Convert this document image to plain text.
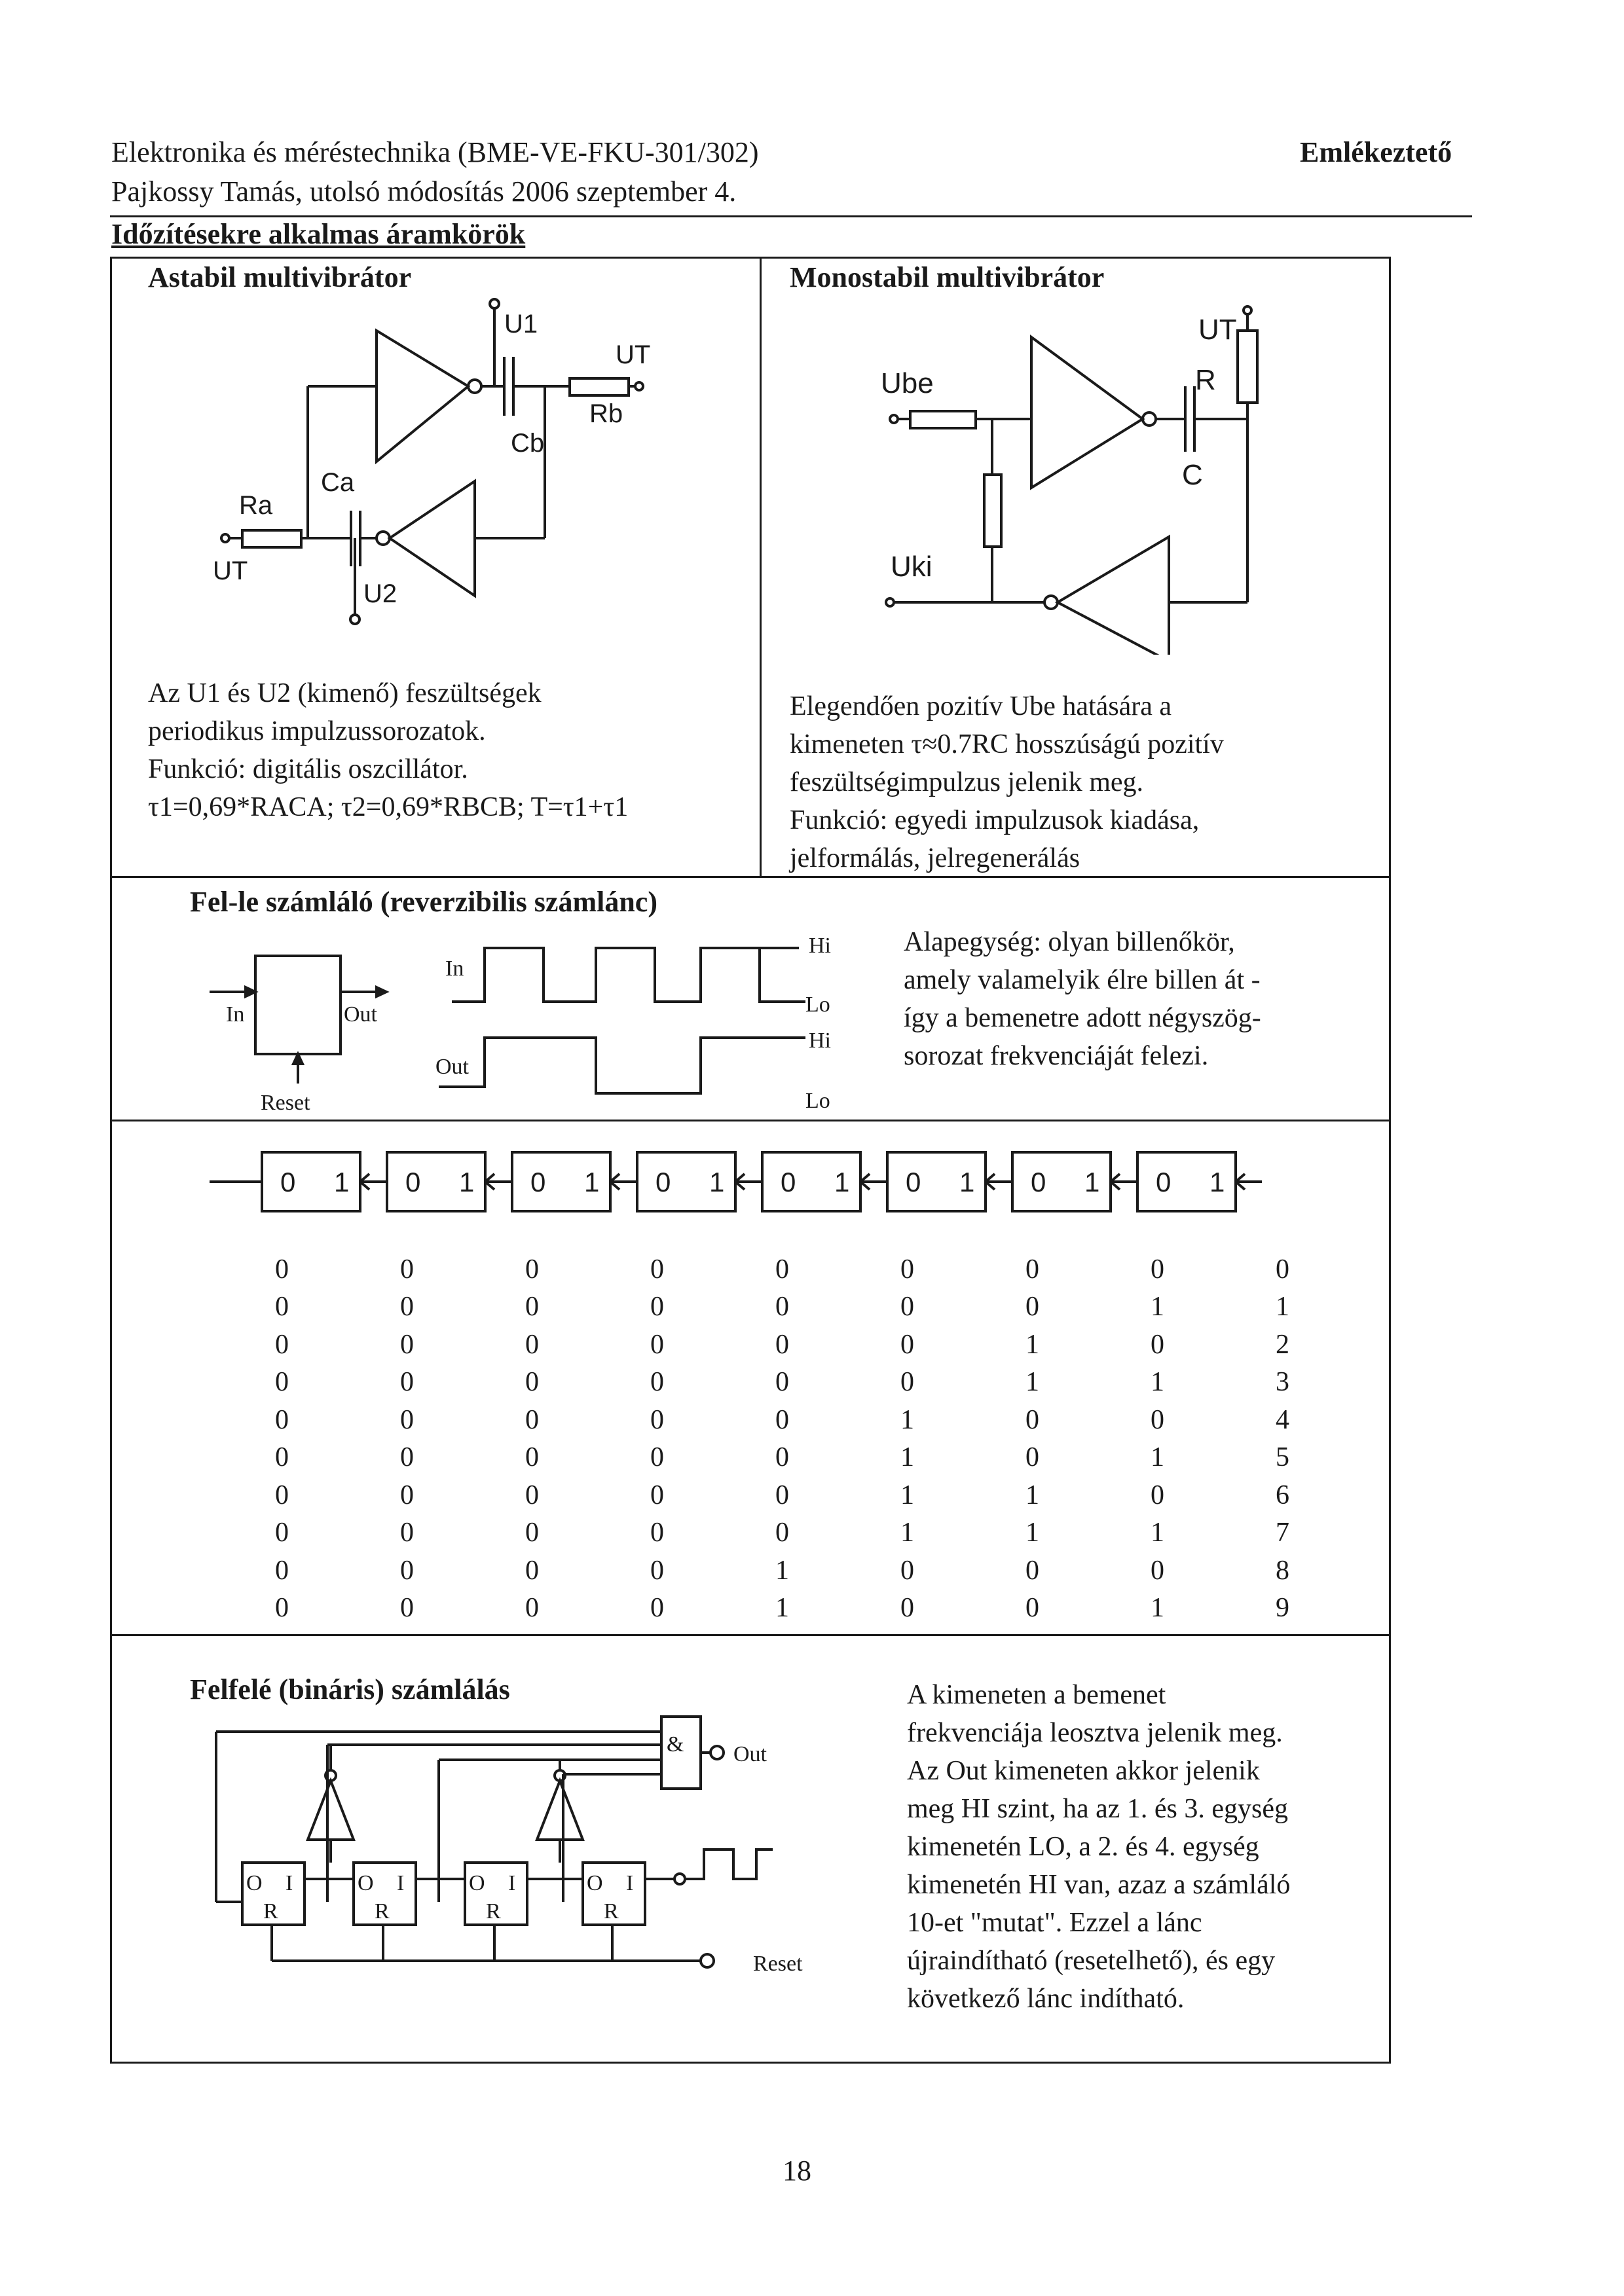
Elektronika és méréstechnika (BME-VE-FKU-301/302)
Pajkossy Tamás, utolsó módosítás 2006 szeptember 4.
Emlékeztető
Időzítésekre alkalmas áramkörök
Astabil multivibrátor
U1
UT
Rb
Cb
Ca
Ra
UT
U2

Az U1 és U2 (kimenő) feszültségek

periodikus impulzussorozatok.

Funkció: digitális oszcillátor.

τ1=0,69*RACA; τ2=0,69*RBCB; T=τ1+τ1

Monostabil multivibrátor
UT
R
C
Ube
Uki

Elegendően pozitív Ube hatására a

kimeneten τ≈0.7RC hosszúságú pozitív

feszültségimpulzus jelenik meg.

Funkció: egyedi impulzusok kiadása,

jelformálás, jelregenerálás

Fel-le számláló (reverzibilis számlánc)
In	Out
Reset
In
Out
Hi
Lo
Hi
Lo

Alapegység: olyan billenőkör,

amely valamelyik élre billen át -

így a bemenetre adott négyszög-

sorozat frekvenciáját felezi.

0 1 0 1 0 1 0 1 0 1 0 1 0 1 0 1
0	0	0	0	0	0	0	0	0
0	0	0	0	0	0	0	1	1
0	0	0	0	0	0	1	0	2
0	0	0	0	0	0	1	1	3
0	0	0	0	0	1	0	0	4
0	0	0	0	0	1	0	1	5
0	0	0	0	0	1	1	0	6
0	0	0	0	0	1	1	1	7
0	0	0	0	1	0	0	0	8
0	0	0	0	1	0	0	1	9
Felfelé (bináris) számlálás
& Out
Reset
O I
R
O I
R
O I
R
O I
R

A kimeneten a bemenet

frekvenciája leosztva jelenik meg.

Az Out kimeneten akkor jelenik

meg HI szint, ha az 1. és 3. egység

kimenetén LO, a 2. és 4. egység

kimenetén HI van, azaz a számláló

10-et "mutat". Ezzel a lánc

újraindítható (resetelhető), és egy

következő lánc indítható.

18
